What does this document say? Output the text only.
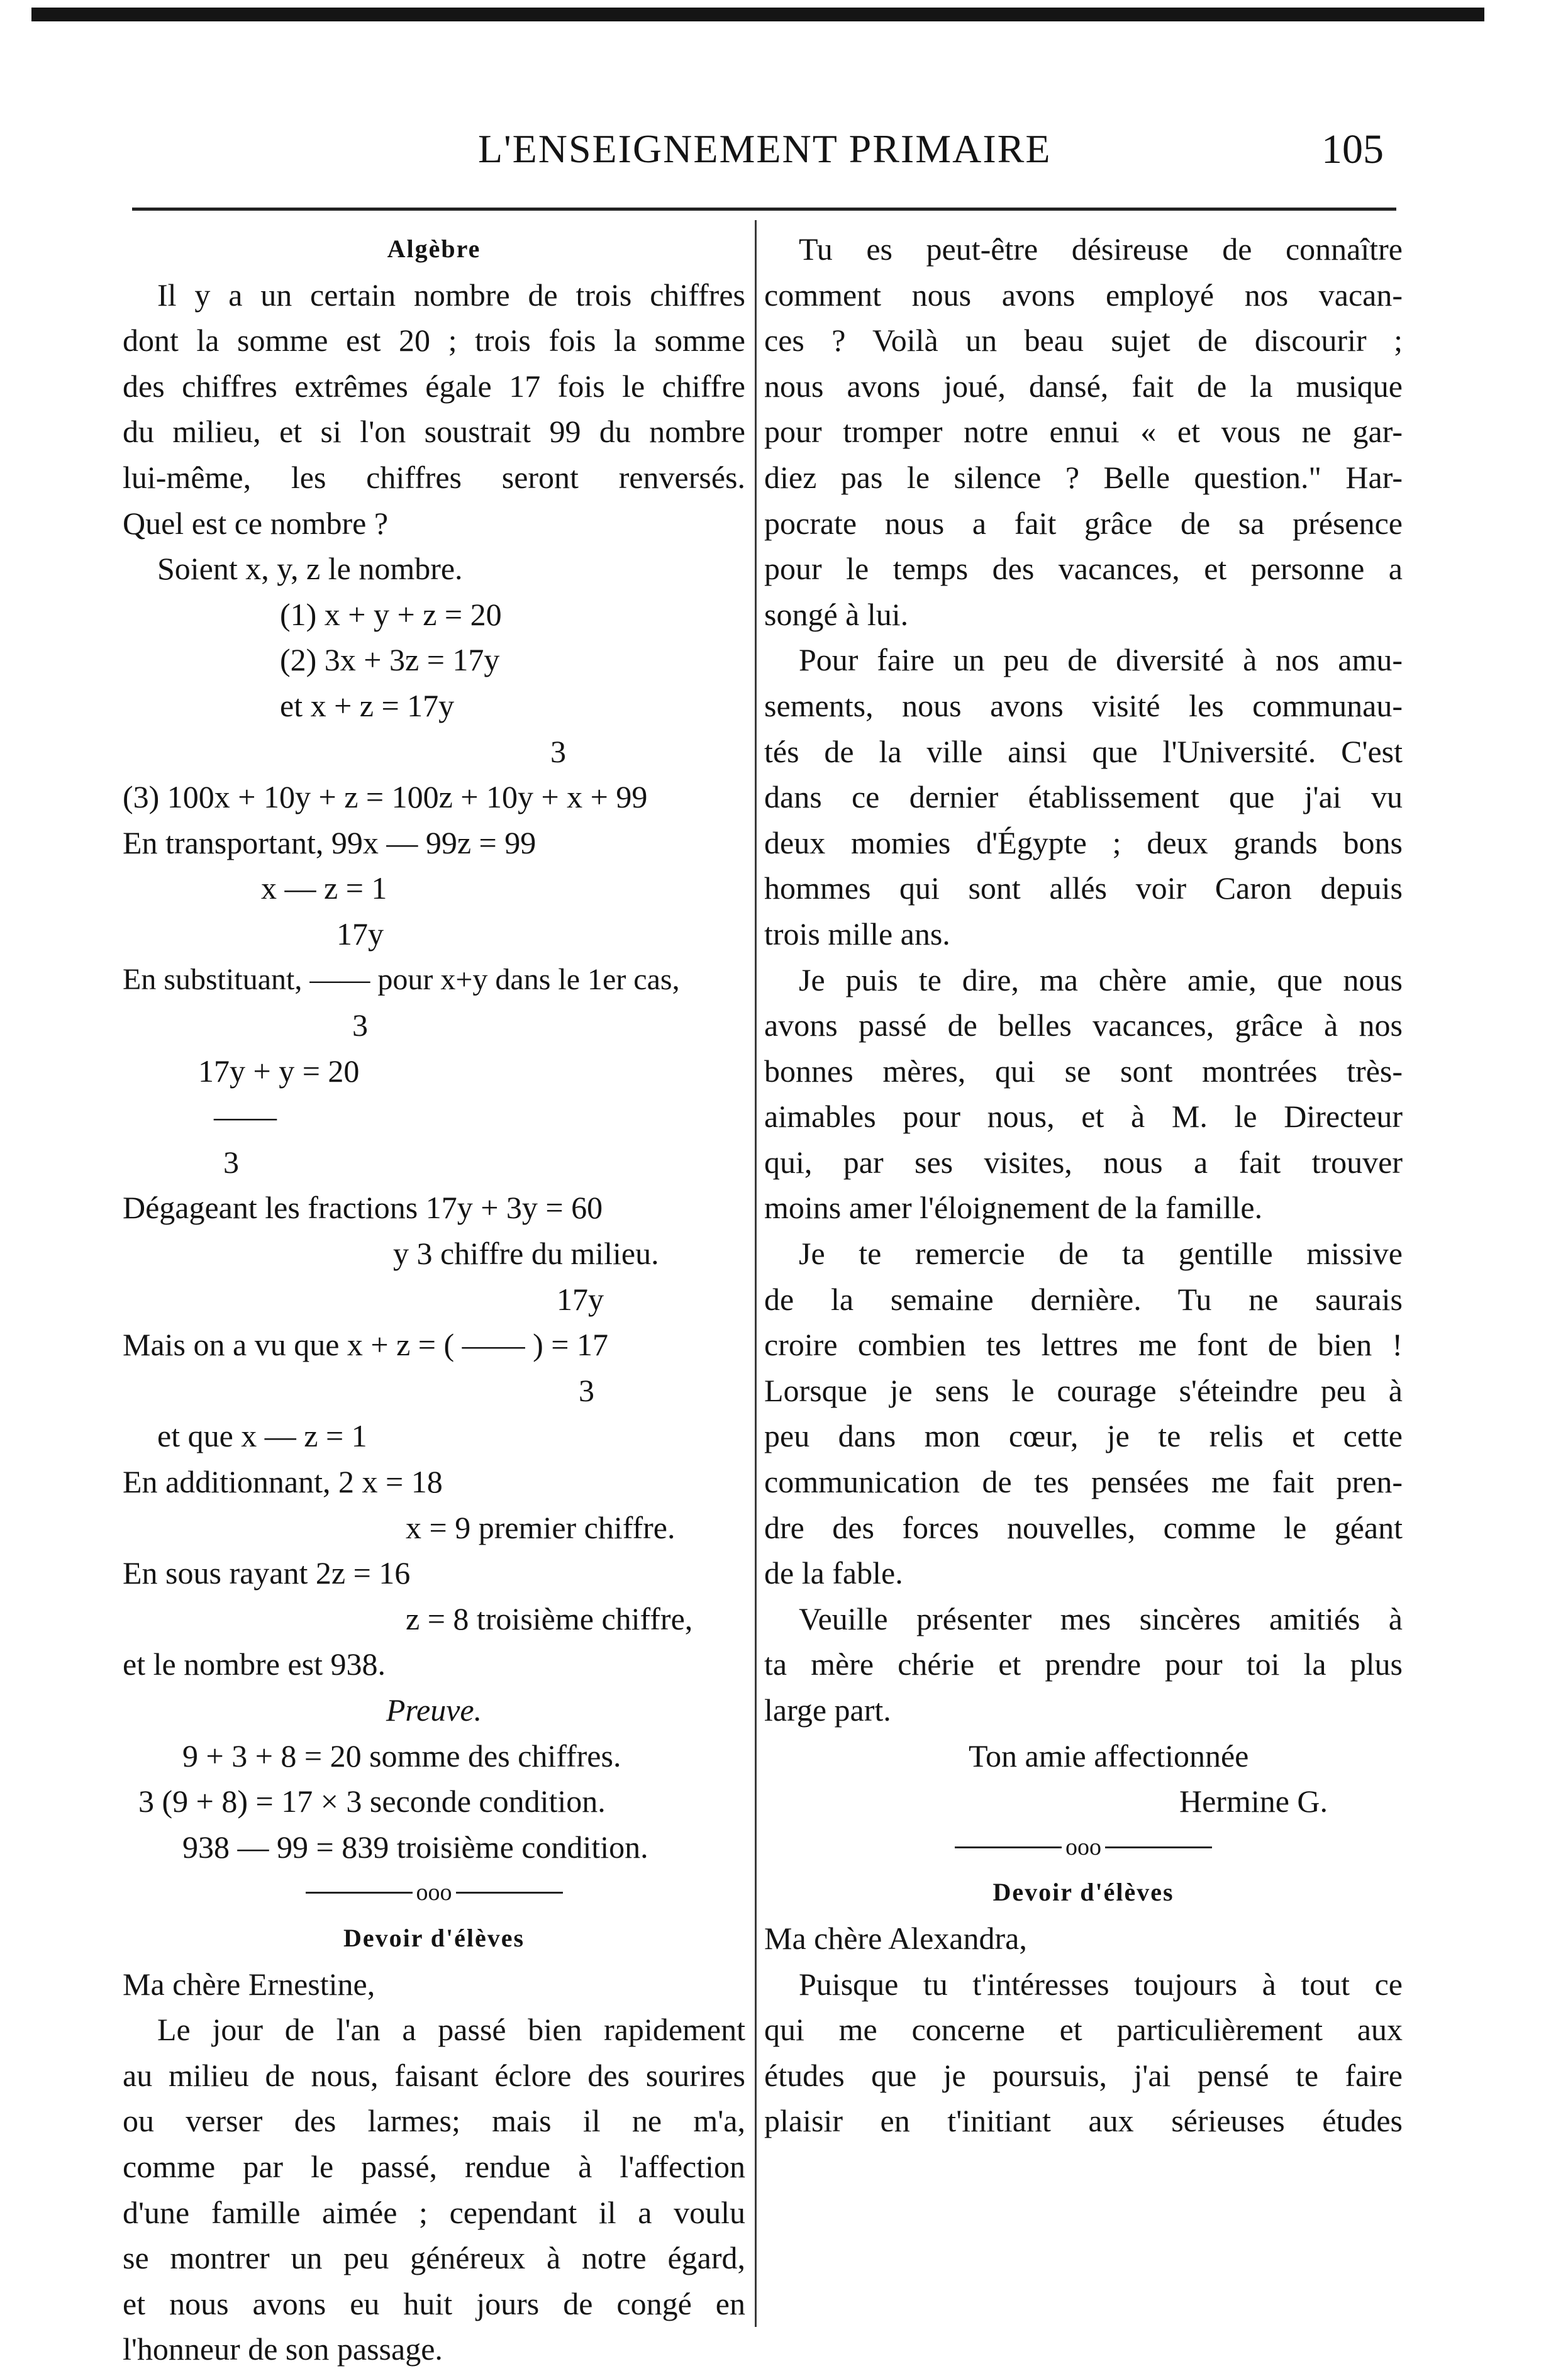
L'ENSEIGNEMENT PRIMAIRE	105
Algèbre
Il y a un certain nombre de trois chiffres
dont la somme est 20 ; trois fois la somme
des chiffres extrêmes égale 17 fois le chiffre
du milieu, et si l'on soustrait 99 du nombre
lui-même, les chiffres seront renversés.
Quel est ce nombre ?
Soient x, y, z le nombre.
(1) x + y + z = 20
(2) 3x + 3z = 17y
et x + z = 17y
3
(3) 100x + 10y + z = 100z + 10y + x + 99
En transportant, 99x — 99z = 99
x — z = 1
17y
En substituant, —— pour x+y dans le 1er cas,
3
17y + y = 20
——
3
Dégageant les fractions 17y + 3y = 60
y 3 chiffre du milieu.
17y
Mais on a vu que x + z = ( —— ) = 17
3
et que x — z = 1
En additionnant, 2 x = 18
x = 9 premier chiffre.
En sous rayant 2z = 16
z = 8 troisième chiffre,
et le nombre est 938.
Preuve.
9 + 3 + 8 = 20 somme des chiffres.
3 (9 + 8) = 17 × 3 seconde condition.
938 — 99 = 839 troisième condition.
ooo
Devoir d'élèves
Ma chère Ernestine,
Le jour de l'an a passé bien rapidement
au milieu de nous, faisant éclore des sourires
ou verser des larmes; mais il ne m'a,
comme par le passé, rendue à l'affection
d'une famille aimée ; cependant il a voulu
se montrer un peu généreux à notre égard,
et nous avons eu huit jours de congé en
l'honneur de son passage.
Tu es peut-être désireuse de connaître
comment nous avons employé nos vacan-
ces ? Voilà un beau sujet de discourir ;
nous avons joué, dansé, fait de la musique
pour tromper notre ennui « et vous ne gar-
diez pas le silence ? Belle question." Har-
pocrate nous a fait grâce de sa présence
pour le temps des vacances, et personne a
songé à lui.
Pour faire un peu de diversité à nos amu-
sements, nous avons visité les communau-
tés de la ville ainsi que l'Université. C'est
dans ce dernier établissement que j'ai vu
deux momies d'Égypte ; deux grands bons
hommes qui sont allés voir Caron depuis
trois mille ans.
Je puis te dire, ma chère amie, que nous
avons passé de belles vacances, grâce à nos
bonnes mères, qui se sont montrées très-
aimables pour nous, et à M. le Directeur
qui, par ses visites, nous a fait trouver
moins amer l'éloignement de la famille.
Je te remercie de ta gentille missive
de la semaine dernière. Tu ne saurais
croire combien tes lettres me font de bien !
Lorsque je sens le courage s'éteindre peu à
peu dans mon cœur, je te relis et cette
communication de tes pensées me fait pren-
dre des forces nouvelles, comme le géant
de la fable.
Veuille présenter mes sincères amitiés à
ta mère chérie et prendre pour toi la plus
large part.
Ton amie affectionnée
Hermine G.
ooo
Devoir d'élèves
Ma chère Alexandra,
Puisque tu t'intéresses toujours à tout ce
qui me concerne et particulièrement aux
études que je poursuis, j'ai pensé te faire
plaisir en t'initiant aux sérieuses études
